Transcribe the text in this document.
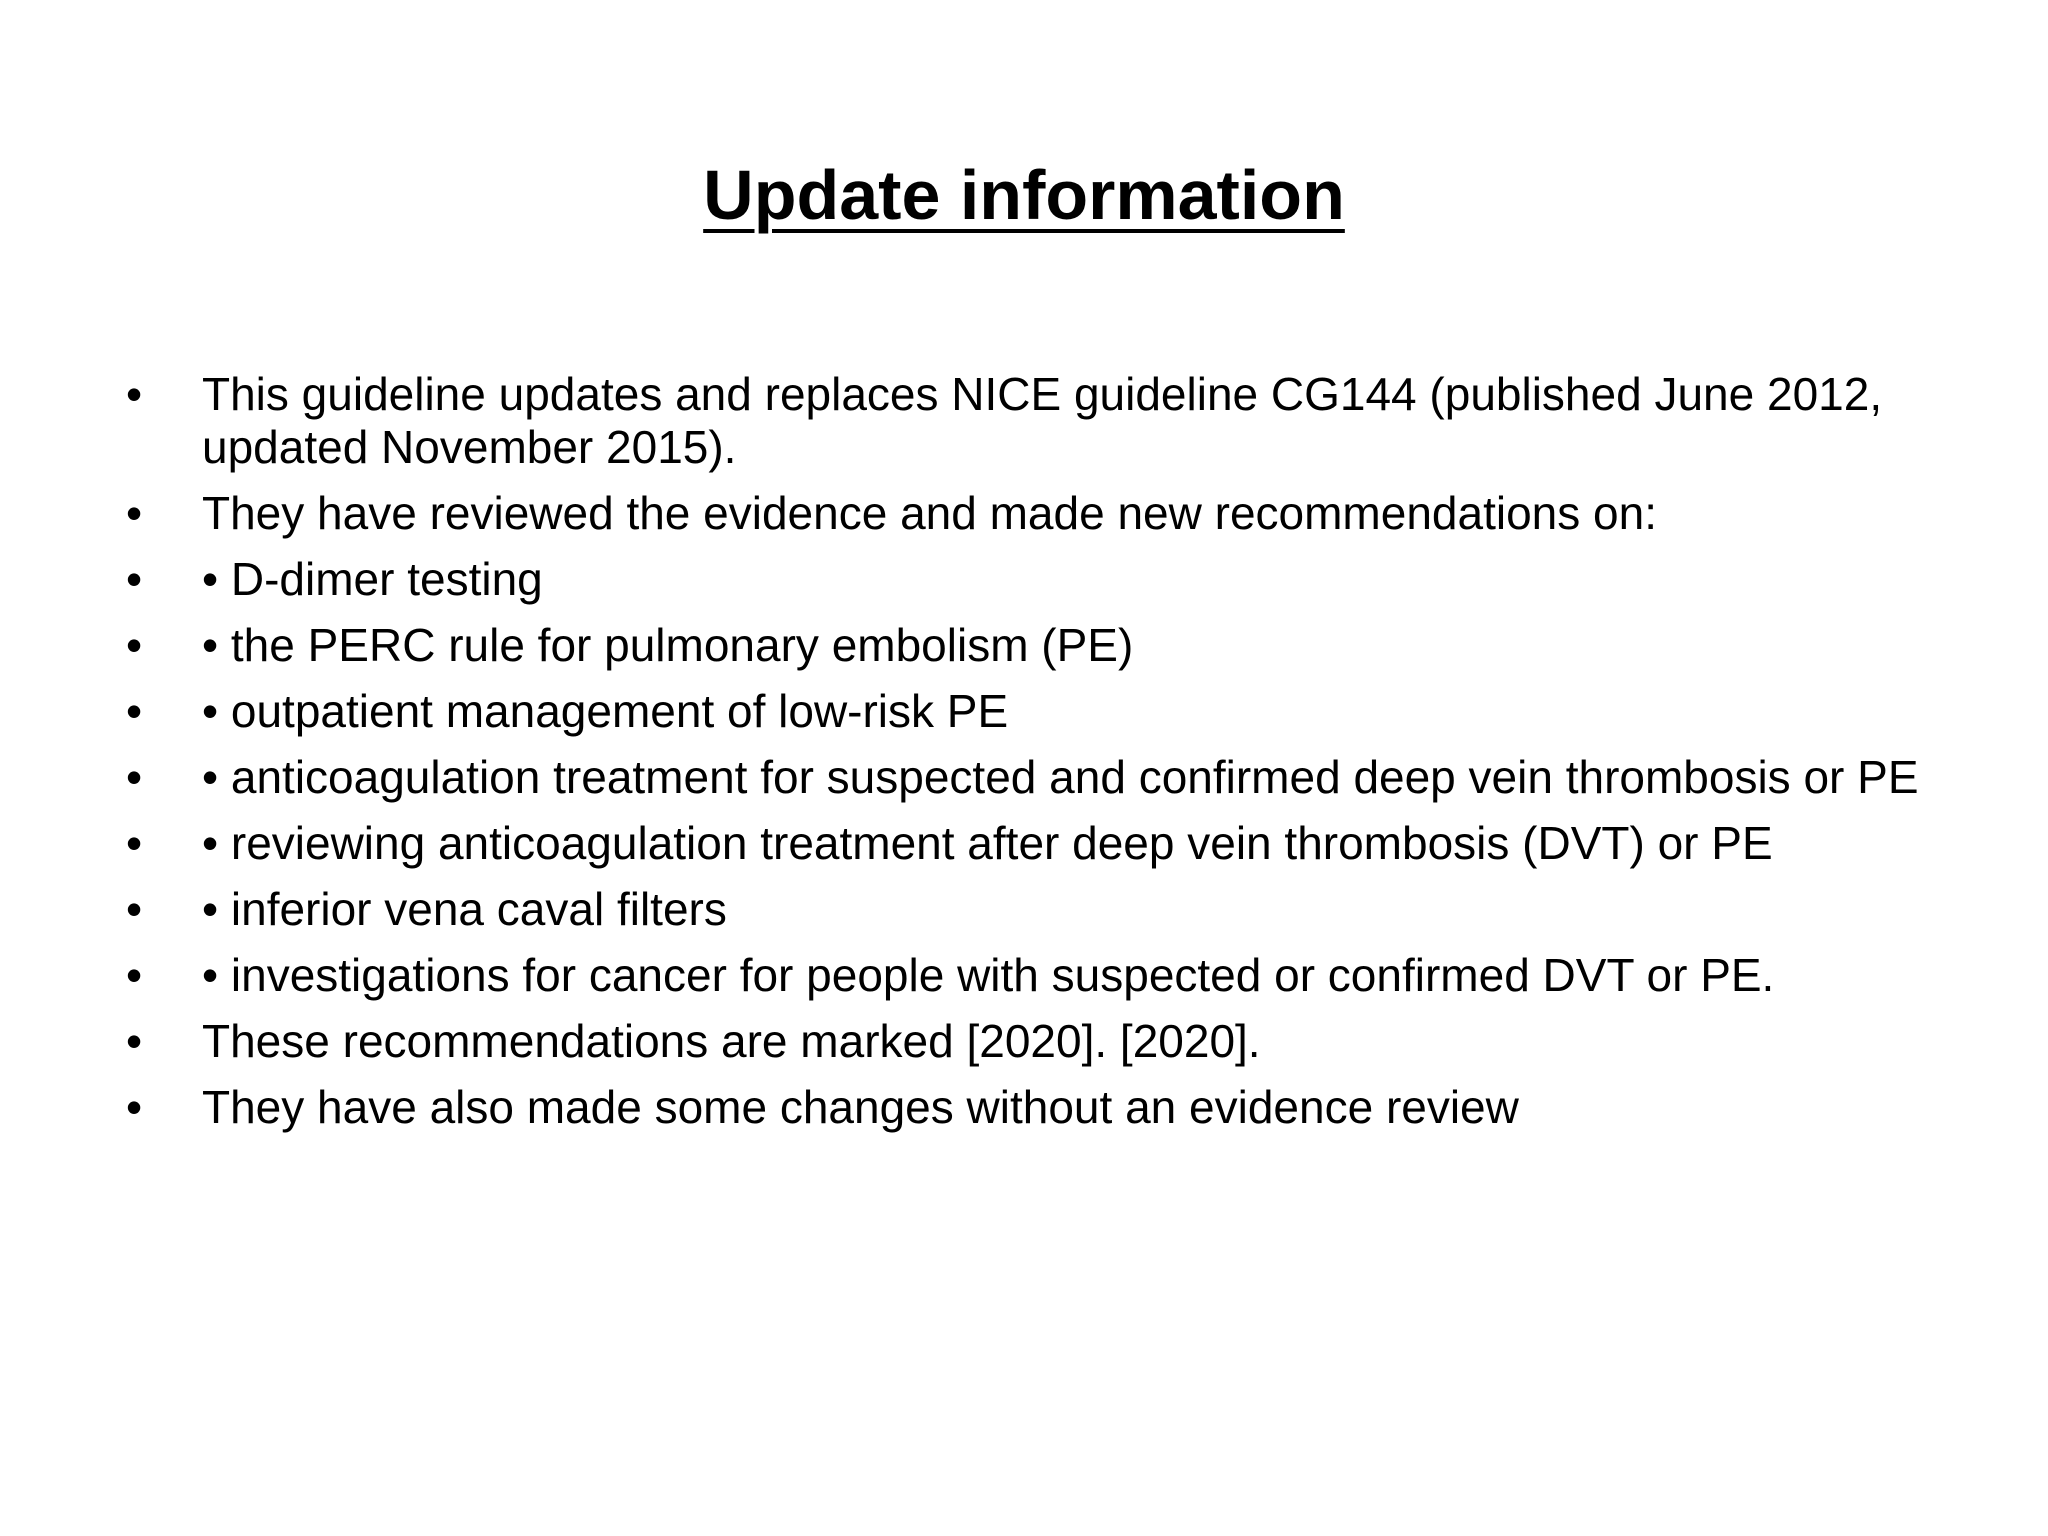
Update information
•	This guideline updates and replaces NICE guideline CG144 (published June 2012, updated November 2015).
•	They have reviewed the evidence and made new recommendations on:
•	• D-dimer testing
•	• the PERC rule for pulmonary embolism (PE)
•	• outpatient management of low-risk PE
•	• anticoagulation treatment for suspected and confirmed deep vein thrombosis or PE
•	• reviewing anticoagulation treatment after deep vein thrombosis (DVT) or PE
•	• inferior vena caval filters
•	• investigations for cancer for people with suspected or confirmed DVT or PE.
•	These recommendations are marked [2020]. [2020].
•	They have also made some changes without an evidence review
